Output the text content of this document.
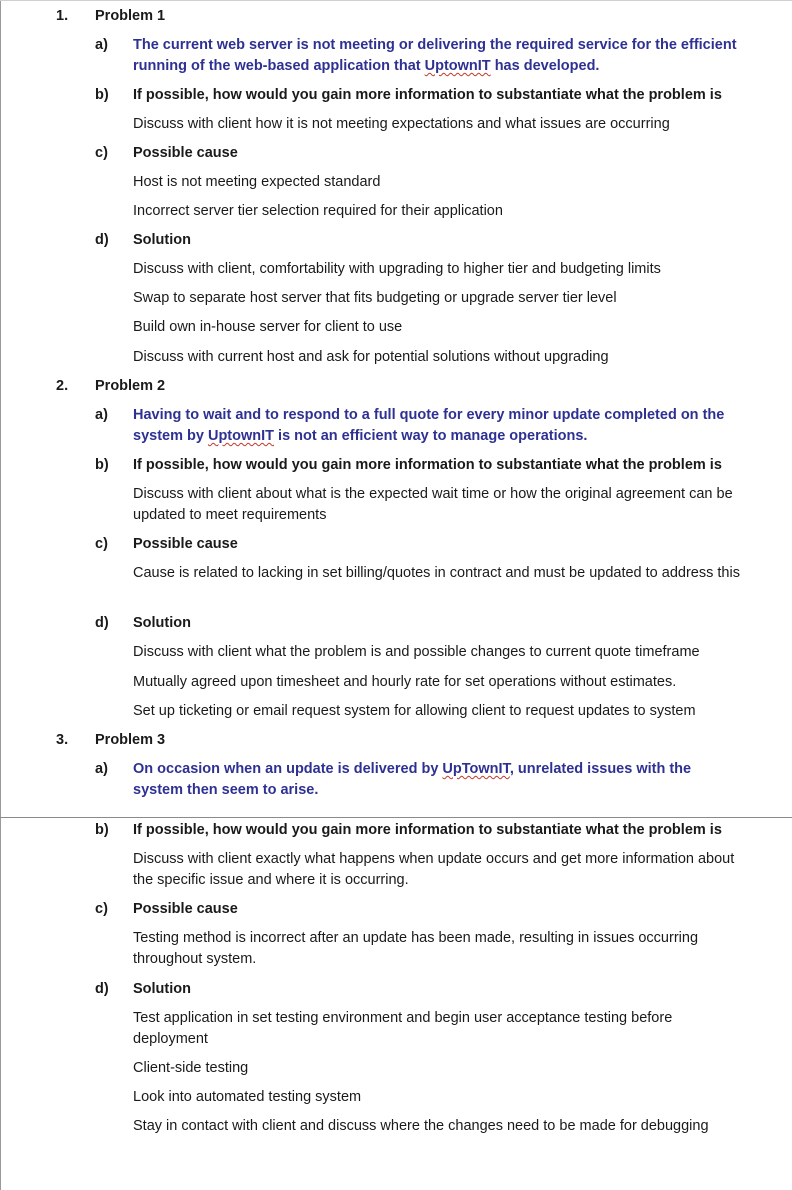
1. Problem 1
a) The current web server is not meeting or delivering the required service for the efficient running of the web-based application that UptownIT has developed.
b) If possible, how would you gain more information to substantiate what the problem is
Discuss with client how it is not meeting expectations and what issues are occurring
c) Possible cause
Host is not meeting expected standard
Incorrect server tier selection required for their application
d) Solution
Discuss with client, comfortability with upgrading to higher tier and budgeting limits
Swap to separate host server that fits budgeting or upgrade server tier level
Build own in-house server for client to use
Discuss with current host and ask for potential solutions without upgrading
2. Problem 2
a) Having to wait and to respond to a full quote for every minor update completed on the system by UptownIT is not an efficient way to manage operations.
b) If possible, how would you gain more information to substantiate what the problem is
Discuss with client about what is the expected wait time or how the original agreement can be updated to meet requirements
c) Possible cause
Cause is related to lacking in set billing/quotes in contract and must be updated to address this
d) Solution
Discuss with client what the problem is and possible changes to current quote timeframe
Mutually agreed upon timesheet and hourly rate for set operations without estimates.
Set up ticketing or email request system for allowing client to request updates to system
3. Problem 3
a) On occasion when an update is delivered by UpTownIT, unrelated issues with the system then seem to arise.
b) If possible, how would you gain more information to substantiate what the problem is
Discuss with client exactly what happens when update occurs and get more information about the specific issue and where it is occurring.
c) Possible cause
Testing method is incorrect after an update has been made, resulting in issues occurring throughout system.
d) Solution
Test application in set testing environment and begin user acceptance testing before deployment
Client-side testing
Look into automated testing system
Stay in contact with client and discuss where the changes need to be made for debugging
